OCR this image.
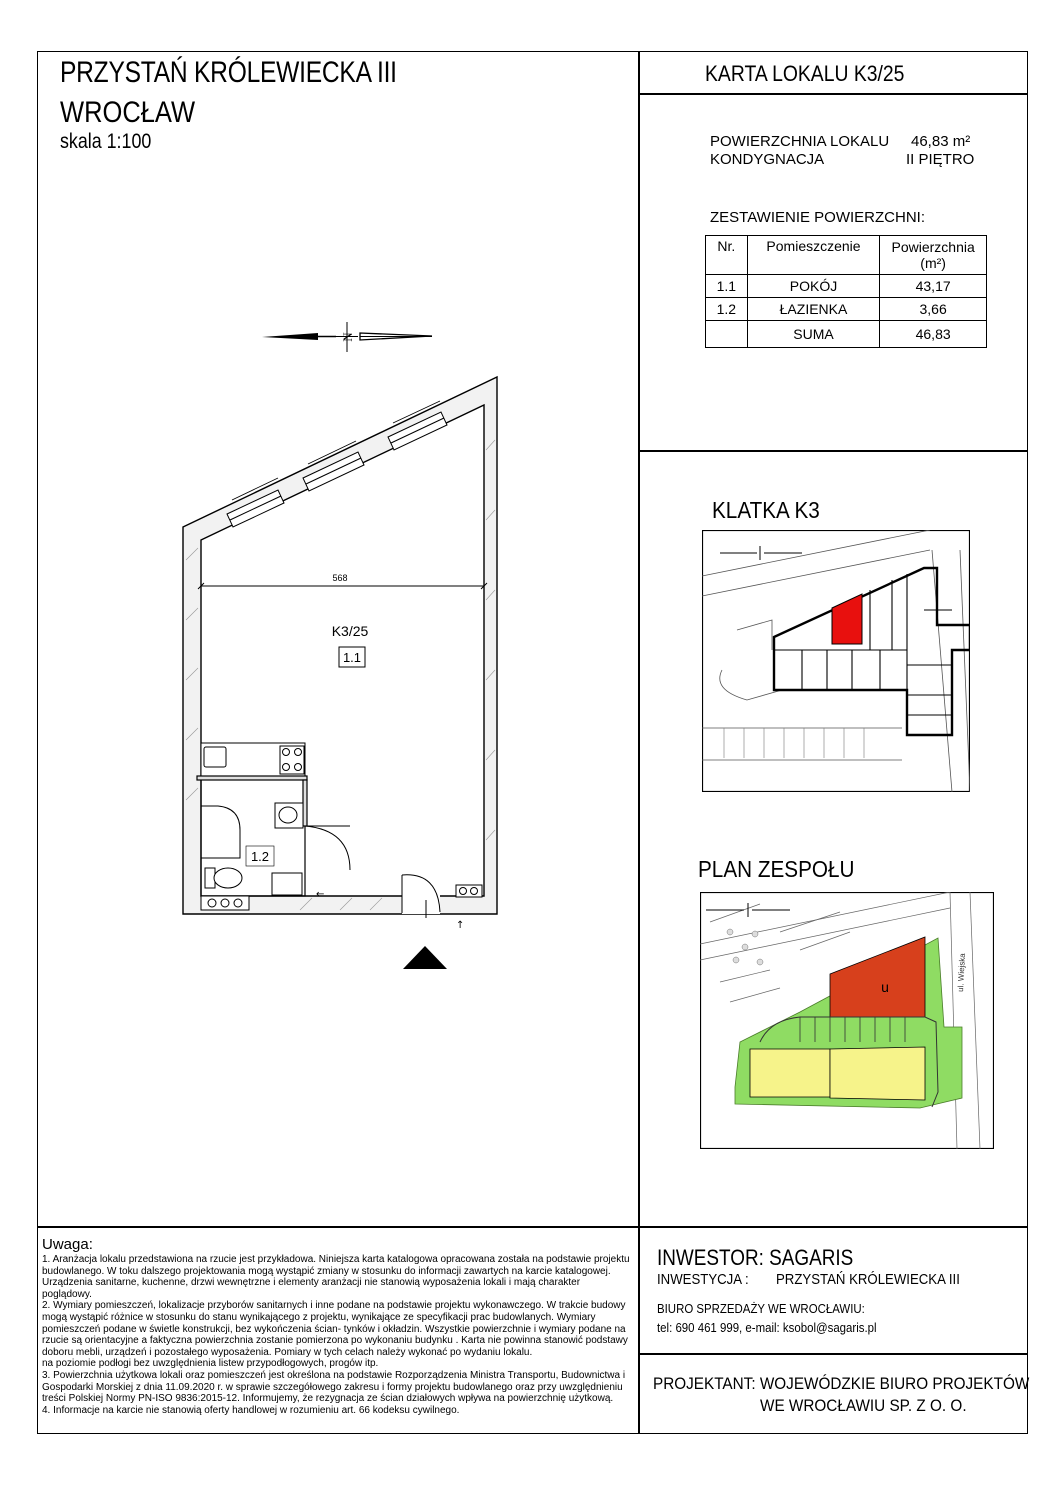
PRZYSTAŃ KRÓLEWIECKA III
WROCŁAW
skala 1:100
KARTA LOKALU K3/25
POWIERZCHNIA LOKALU 46,83 m²
KONDYGNACJA	II PIĘTRO
ZESTAWIENIE POWIERZCHNI:
Nr.	Pomieszczenie	Powierzchnia
(m²)

1.1	POKÓJ	43,17
1.2	ŁAZIENKA	3,66
	SUMA	46,83
N
568
K3/25
1.1
1.2
←
↑
KLATKA K3
PLAN ZESPOŁU
u	ul. Wiejska
Uwaga:
1. Aranżacja lokalu przedstawiona na rzucie jest przykładowa. Niniejsza karta katalogowa opracowana została na podstawie projektu
budowlanego. W toku dalszego projektowania mogą wystąpić zmiany w stosunku do informacji zawartych na karcie katalogowej.
Urządzenia sanitarne, kuchenne, drzwi wewnętrzne i elementy aranżacji nie stanowią wyposażenia lokali i mają charakter poglądowy.
2. Wymiary pomieszczeń, lokalizacje przyborów sanitarnych i inne podane na podstawie projektu wykonawczego. W trakcie budowy
mogą wystąpić różnice w stosunku do stanu wynikającego z projektu, wynikające ze specyfikacji prac budowlanych. Wymiary
pomieszczeń podane w świetle konstrukcji, bez wykończenia ścian- tynków i okładzin. Wszystkie powierzchnie i wymiary podane na
rzucie są orientacyjne a faktyczna powierzchnia zostanie pomierzona po wykonaniu budynku . Karta nie powinna stanowić podstawy
doboru mebli, urządzeń i pozostałego wyposażenia. Pomiary w tych celach należy wykonać po wydaniu lokalu.
na poziomie podłogi bez uwzględnienia listew przypodłogowych, progów itp.
3. Powierzchnia użytkowa lokali oraz pomieszczeń jest określona na podstawie Rozporządzenia Ministra Transportu, Budownictwa i
Gospodarki Morskiej z dnia 11.09.2020 r. w sprawie szczegółowego zakresu i formy projektu budowlanego oraz przy uwzględnieniu
treści Polskiej Normy PN-ISO 9836:2015-12. Informujemy, że rezygnacja ze ścian działowych wpływa na powierzchnię użytkową.
4. Informacje na karcie nie stanowią oferty handlowej w rozumieniu art. 66 kodeksu cywilnego.
INWESTOR: SAGARIS
INWESTYCJA : PRZYSTAŃ KRÓLEWIECKA III
BIURO SPRZEDAŻY WE WROCŁAWIU:
tel: 690 461 999, e-mail: ksobol@sagaris.pl
PROJEKTANT: WOJEWÓDZKIE BIURO PROJEKTÓW
WE WROCŁAWIU SP. Z O. O.
